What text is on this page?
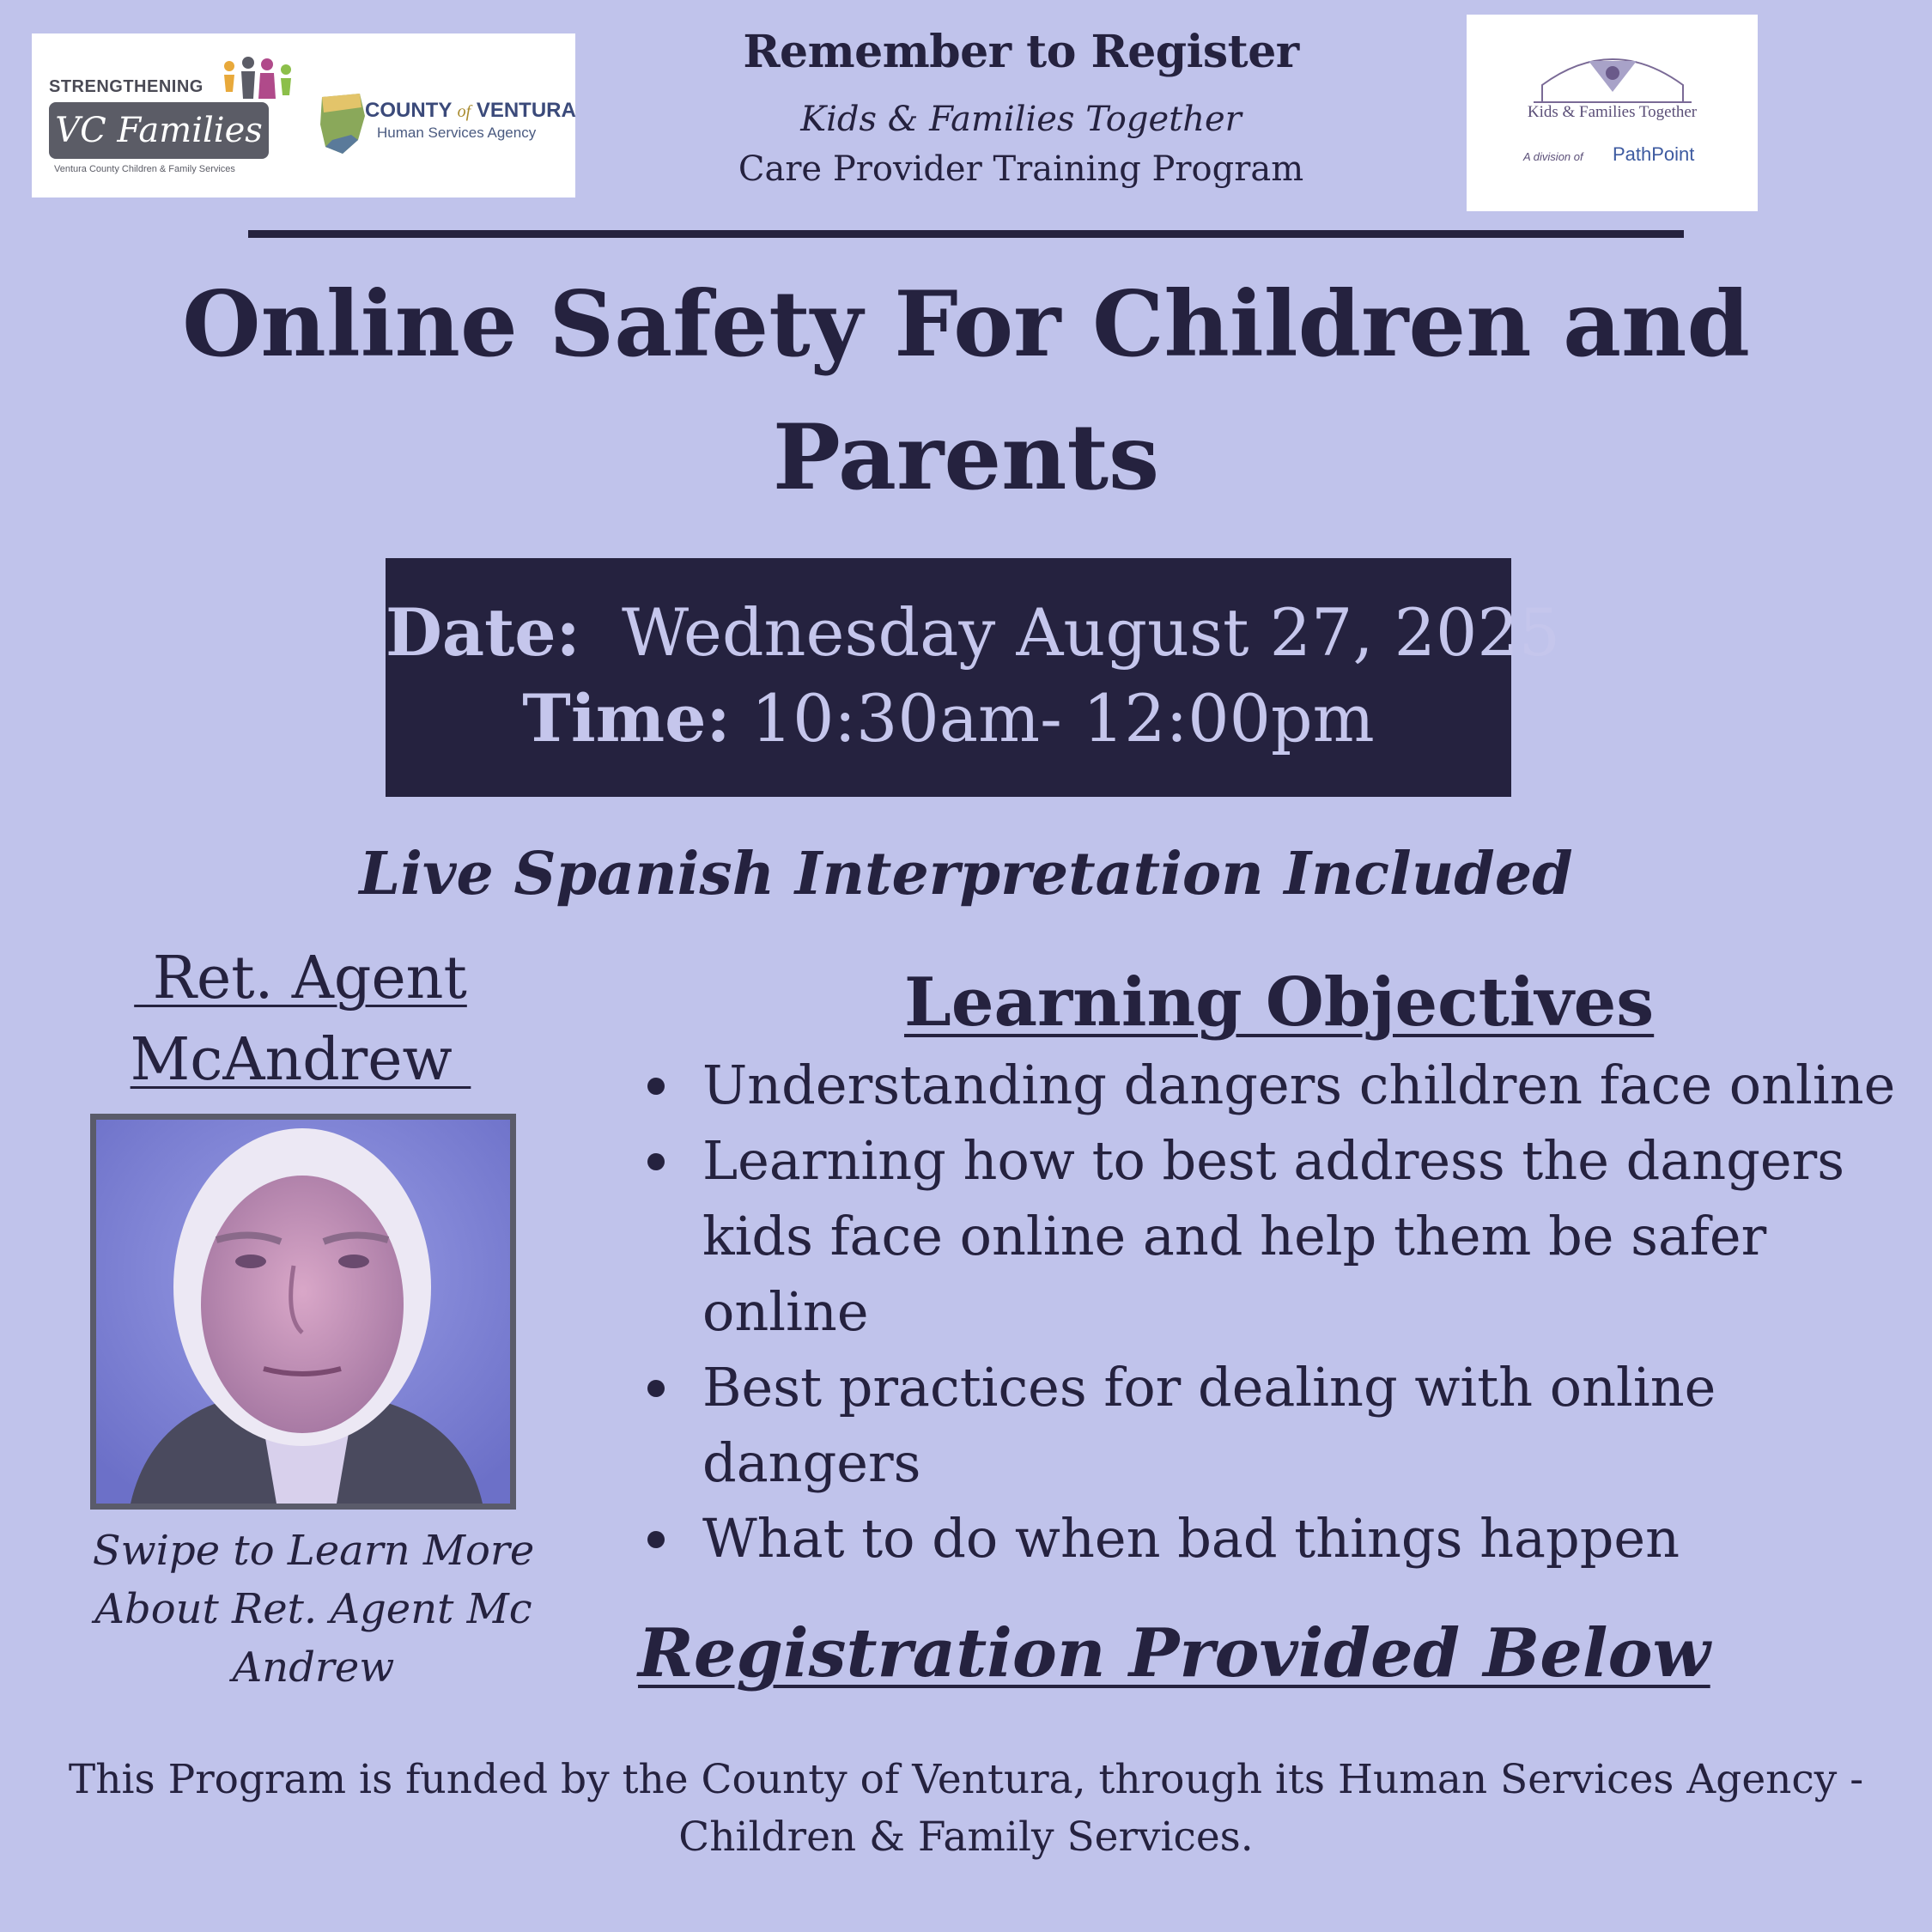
STRENGTHENING
VC Families
Ventura County Children & Family Services
COUNTY of VENTURA
Human Services Agency
Remember to Register
Kids & Families Together
Care Provider Training Program
Kids & Families Together
A division of PathPoint
Online Safety For Children and
Parents
Date: Wednesday August 27, 2025
Time: 10:30am- 12:00pm
Live Spanish Interpretation Included
Ret. Agent
McAndrew
Swipe to Learn More
About Ret. Agent Mc
Andrew
Learning Objectives
Understanding dangers children face online
Learning how to best address the dangers kids face online and help them be safer online
Best practices for dealing with online dangers
What to do when bad things happen
Registration Provided Below
This Program is funded by the County of Ventura, through its Human Services Agency -
Children & Family Services.
